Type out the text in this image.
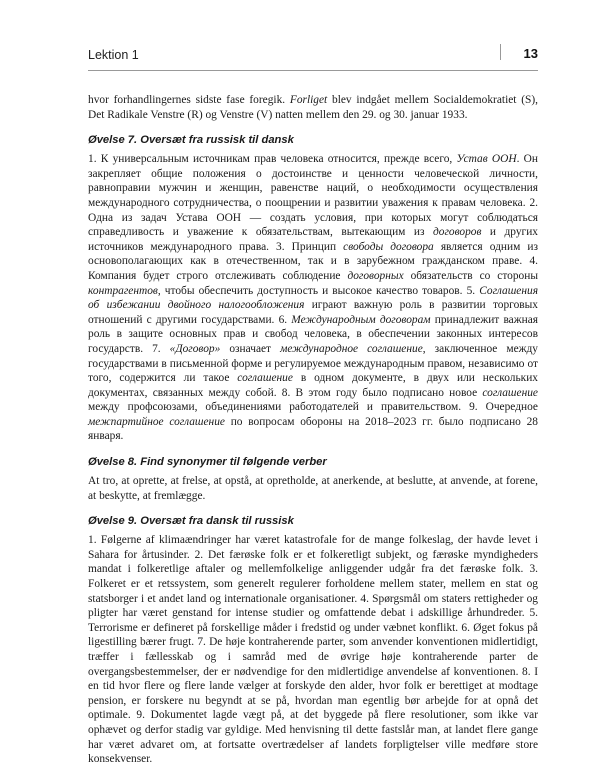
Lektion 1	13

hvor forhandlingernes sidste fase foregik. Forliget blev indgået mellem Socialdemokratiet (S), Det Radikale Venstre (R) og Venstre (V) natten mellem den 29. og 30. januar 1933.

Øvelse 7. Oversæt fra russisk til dansk

1. К универсальным источникам прав человека относится, прежде всего, Устав ООН. Он закрепляет общие положения о достоинстве и ценности человеческой личности, равноправии мужчин и женщин, равенстве наций, о необходимости осуществления международного сотрудничества, о поощрении и развитии уважения к правам человека. 2. Одна из задач Устава ООН — создать условия, при которых могут соблюдаться справедливость и уважение к обязательствам, вытекающим из договоров и других источников международного права. 3. Принцип свободы договора является одним из основополагающих как в отечественном, так и в зарубежном гражданском праве. 4. Компания будет строго отслеживать соблюдение договорных обязательств со стороны контрагентов, чтобы обеспечить доступность и высокое качество товаров. 5. Соглашения об избежании двойного налогообложения играют важную роль в развитии торговых отношений с другими государствами. 6. Международным договорам принадлежит важная роль в защите основных прав и свобод человека, в обеспечении законных интересов государств. 7. «Договор» означает международное соглашение, заключенное между государствами в письменной форме и регулируемое международным правом, независимо от того, содержится ли такое соглашение в одном документе, в двух или нескольких документах, связанных между собой. 8. В этом году было подписано новое соглашение между профсоюзами, объединениями работодателей и правительством. 9. Очередное межпартийное соглашение по вопросам обороны на 2018–2023 гг. было подписано 28 января.

Øvelse 8. Find synonymer til følgende verber

At tro, at oprette, at frelse, at opstå, at opretholde, at anerkende, at beslutte, at anvende, at forene, at beskytte, at fremlægge.

Øvelse 9. Oversæt fra dansk til russisk

1. Følgerne af klimaændringer har været katastrofale for de mange folkeslag, der havde levet i Sahara for årtusinder. 2. Det færøske folk er et folkeretligt subjekt, og færøske myndigheders mandat i folkeretlige aftaler og mellemfolkelige anliggender udgår fra det færøske folk. 3. Folkeret er et retssystem, som generelt regulerer forholdene mellem stater, mellem en stat og statsborger i et andet land og internationale organisationer. 4. Spørgsmål om staters rettigheder og pligter har været genstand for intense studier og omfattende debat i adskillige århundreder. 5. Terrorisme er defineret på forskellige måder i fredstid og under væbnet konflikt. 6. Øget fokus på ligestilling bærer frugt. 7. De høje kontraherende parter, som anvender konventionen midlertidigt, træffer i fællesskab og i samråd med de øvrige høje kontraherende parter de overgangsbestemmelser, der er nødvendige for den midlertidige anvendelse af konventionen. 8. I en tid hvor flere og flere lande vælger at forskyde den alder, hvor folk er berettiget at modtage pension, er forskere nu begyndt at se på, hvordan man egentlig bør arbejde for at opnå det optimale. 9. Dokumentet lagde vægt på, at det byggede på flere resolutioner, som ikke var ophævet og derfor stadig var gyldige. Med henvisning til dette fastslår man, at landet flere gange har været advaret om, at fortsatte overtrædelser af landets forpligtelser ville medføre store konsekvenser.
